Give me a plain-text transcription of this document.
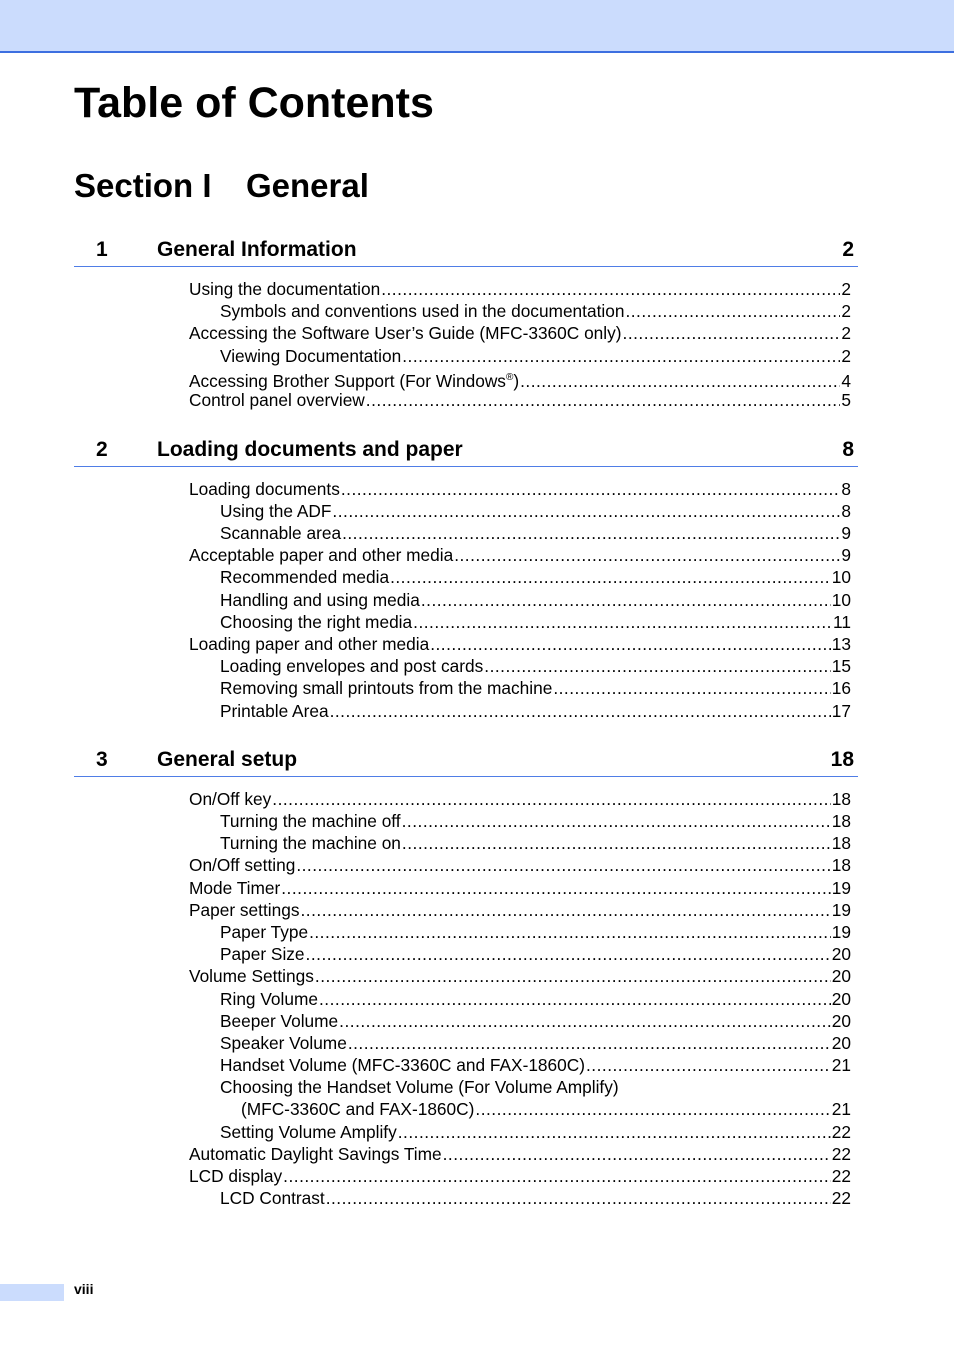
Table of Contents
Section I General
1 General Information	2
Using the documentation .....	2
Symbols and conventions used in the documentation .....	2
Accessing the Software User’s Guide (MFC-3360C only) .....	2
Viewing Documentation .....	2
Accessing Brother Support (For Windows®) .....	4
Control panel overview .....	5
2 Loading documents and paper	8
Loading documents .....	8
Using the ADF .....	8
Scannable area .....	9
Acceptable paper and other media .....	9
Recommended media .....	10
Handling and using media .....	10
Choosing the right media .....	11
Loading paper and other media .....	13
Loading envelopes and post cards .....	15
Removing small printouts from the machine .....	16
Printable Area .....	17
3 General setup	18
On/Off key .....	18
Turning the machine off .....	18
Turning the machine on .....	18
On/Off setting .....	18
Mode Timer .....	19
Paper settings .....	19
Paper Type .....	19
Paper Size .....	20
Volume Settings .....	20
Ring Volume .....	20
Beeper Volume .....	20
Speaker Volume .....	20
Handset Volume (MFC-3360C and FAX-1860C) .....	21
Choosing the Handset Volume (For Volume Amplify)
(MFC-3360C and FAX-1860C) .....	21
Setting Volume Amplify .....	22
Automatic Daylight Savings Time .....	22
LCD display .....	22
LCD Contrast .....	22
viii
